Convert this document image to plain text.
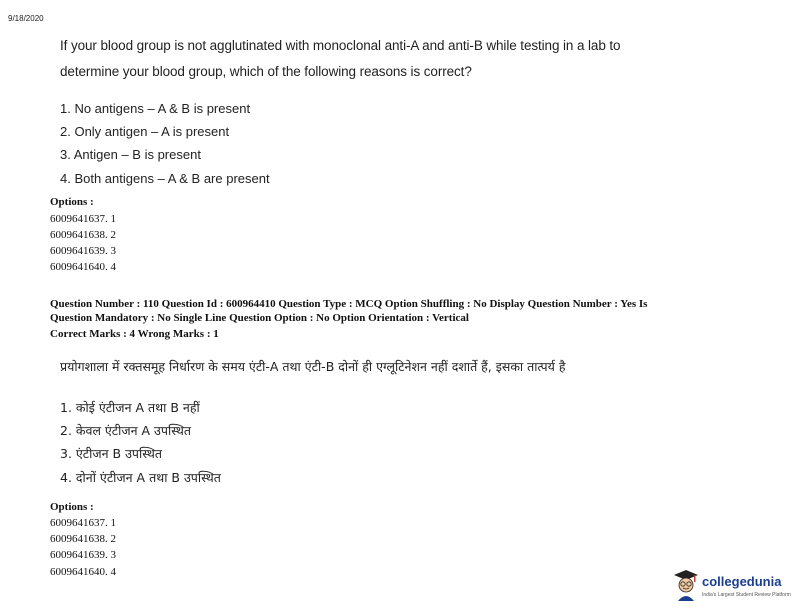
9/18/2020
If your blood group is not agglutinated with monoclonal anti-A and anti-B while testing in a lab to
determine your blood group, which of the following reasons is correct?
1. No antigens – A & B is present
2. Only antigen – A is present
3. Antigen – B is present
4. Both antigens – A & B are present
Options :
6009641637. 1
6009641638. 2
6009641639. 3
6009641640. 4
Question Number : 110 Question Id : 600964410 Question Type : MCQ Option Shuffling : No Display Question Number : Yes Is
Question Mandatory : No Single Line Question Option : No Option Orientation : Vertical
Correct Marks : 4 Wrong Marks : 1
प्रयोगशाला में रक्तसमूह निर्धारण के समय एंटी-A तथा एंटी-B दोनों ही एग्लूटिनेशन नहीं दशार्ते हैं, इसका तात्पर्य है
1. कोई एंटीजन A तथा B नहीं
2. केवल एंटीजन A उपस्थित
3. एंटीजन B उपस्थित
4. दोनों एंटीजन A तथा B उपस्थित
Options :
6009641637. 1
6009641638. 2
6009641639. 3
6009641640. 4
collegedunia
India's Largest Student Review Platform
